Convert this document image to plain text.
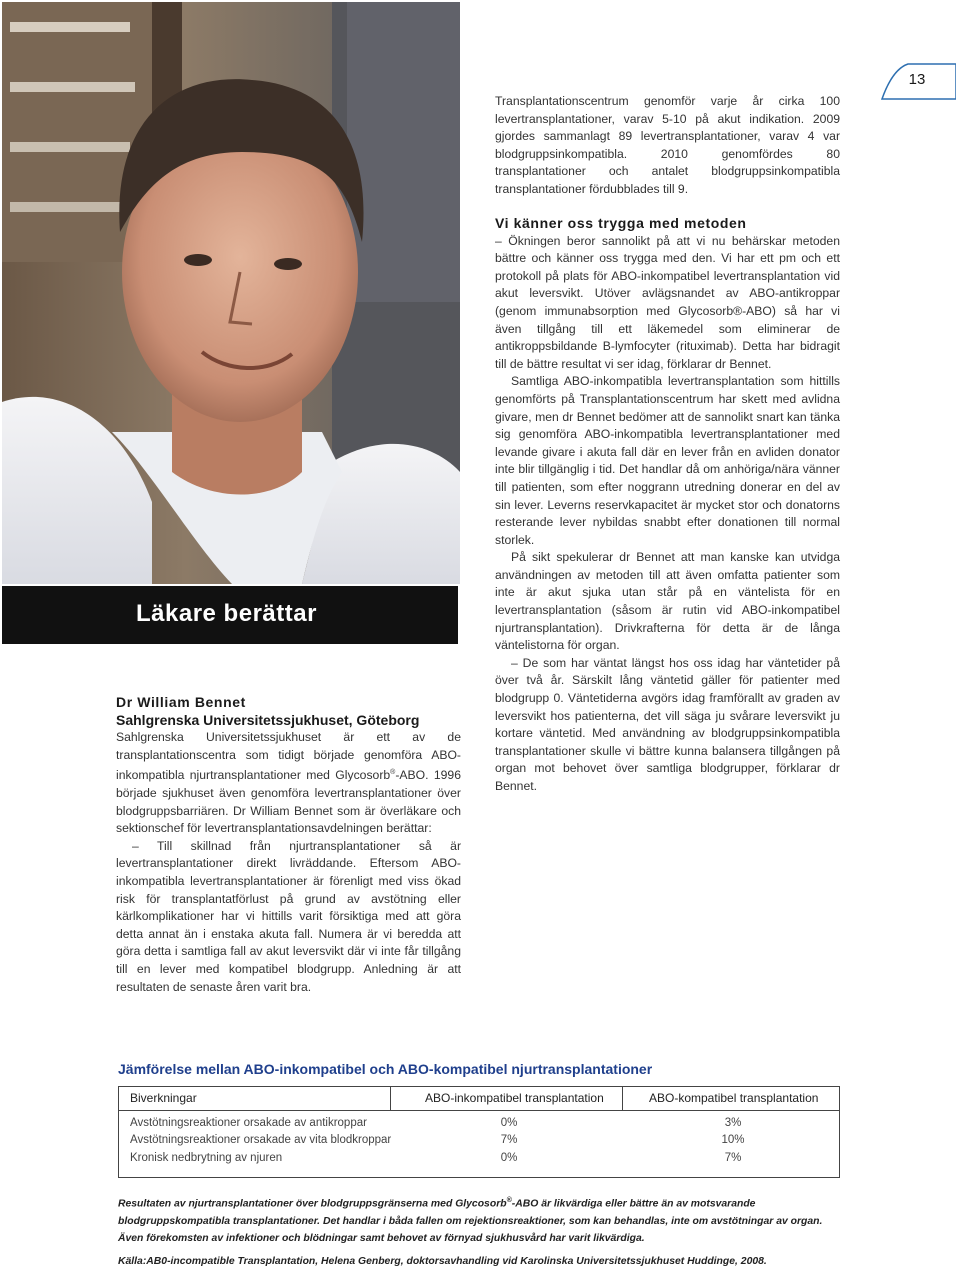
Läkare berättar
13

Transplantationscentrum genomför varje år cirka 100 levertransplantationer, varav 5-10 på akut indikation. 2009 gjordes sammanlagt 89 levertransplantationer, varav 4 var blodgruppsinkompatibla. 2010 genomfördes 80 transplantationer och antalet blodgruppsinkompatibla transplantationer fördubblades till 9.

Vi känner oss trygga med metoden

– Ökningen beror sannolikt på att vi nu behärskar metoden bättre och känner oss trygga med den. Vi har ett pm och ett protokoll på plats för ABO-inkompatibel levertransplantation vid akut leversvikt. Utöver avlägsnandet av ABO-antikroppar (genom immunabsorption med Glycosorb®-ABO) så har vi även tillgång till ett läkemedel som eliminerar de antikroppsbildande B-lymfocyter (rituximab). Detta har bidragit till de bättre resultat vi ser idag, förklarar dr Bennet.

Samtliga ABO-inkompatibla levertransplantation som hittills genomförts på Transplantationscentrum har skett med avlidna givare, men dr Bennet bedömer att de sannolikt snart kan tänka sig genomföra ABO-inkompatibla levertransplantationer med levande givare i akuta fall där en lever från en avliden donator inte blir tillgänglig i tid. Det handlar då om anhöriga/nära vänner till patienten, som efter noggrann utredning donerar en del av sin lever. Leverns reservkapacitet är mycket stor och donatorns resterande lever nybildas snabbt efter donationen till normal storlek.

På sikt spekulerar dr Bennet att man kanske kan utvidga användningen av metoden till att även omfatta patienter som inte är akut sjuka utan står på en väntelista för en levertransplantation (såsom är rutin vid ABO-inkompatibel njurtransplantation). Drivkrafterna för detta är de långa väntelistorna för organ.

– De som har väntat längst hos oss idag har väntetider på över två år. Särskilt lång väntetid gäller för patienter med blodgrupp 0. Väntetiderna avgörs idag framförallt av graden av leversvikt hos patienterna, det vill säga ju svårare leversvikt ju kortare väntetid. Med användning av blodgruppsinkompatibla transplantationer skulle vi bättre kunna balansera tillgången på organ mot behovet över samtliga blodgrupper, förklarar dr Bennet.

Dr William Bennet

Sahlgrenska Universitetssjukhuset, Göteborg

Sahlgrenska Universitetssjukhuset är ett av de transplantationscentra som tidigt började genomföra ABO-inkompatibla njurtransplantationer med Glycosorb®-ABO. 1996 började sjukhuset även genomföra levertransplantationer över blodgruppsbarriären. Dr William Bennet som är överläkare och sektionschef för levertransplantationsavdelningen berättar:

– Till skillnad från njurtransplantationer så är levertransplantationer direkt livräddande. Eftersom ABO-inkompatibla levertransplantationer är förenligt med viss ökad risk för transplantatförlust på grund av avstötning eller kärlkomplikationer har vi hittills varit försiktiga med att göra detta annat än i enstaka akuta fall. Numera är vi beredda att göra detta i samtliga fall av akut leversvikt där vi inte får tillgång till en lever med kompatibel blodgrupp. Anledning är att resultaten de senaste åren varit bra.

Jämförelse mellan ABO-inkompatibel och ABO-kompatibel njurtransplantationer
Biverkningar	ABO-inkompatibel transplantation	ABO-kompatibel transplantation
Avstötningsreaktioner orsakade av antikroppar	0%	3%
Avstötningsreaktioner orsakade av vita blodkroppar	7%	10%
Kronisk nedbrytning av njuren	0%	7%
Resultaten av njurtransplantationer över blodgruppsgränserna med Glycosorb®-ABO är likvärdiga eller bättre än av motsvarande blodgruppskompatibla transplantationer. Det handlar i båda fallen om rejektionsreaktioner, som kan behandlas, inte om avstötningar av organ. Även förekomsten av infektioner och blödningar samt behovet av förnyad sjukhusvård har varit likvärdiga.
Källa:AB0-incompatible Transplantation, Helena Genberg, doktorsavhandling vid Karolinska Universitetssjukhuset Huddinge, 2008.
